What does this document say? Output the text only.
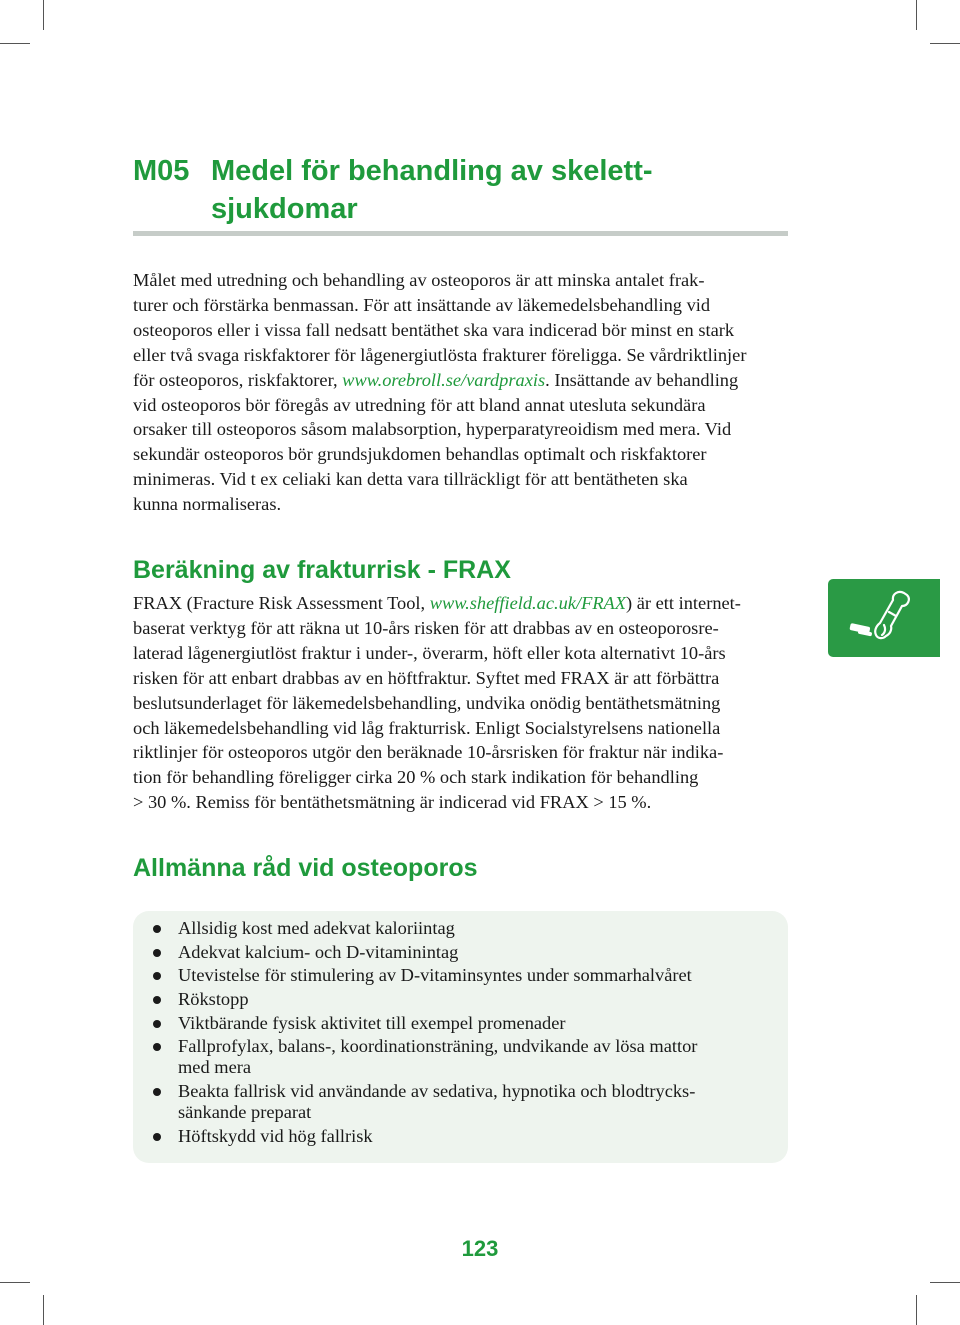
M05 Medel för behandling av skelett-
sjukdomar

Målet med utredning och behandling av osteoporos är att minska antalet frak-
turer och förstärka benmassan. För att insättande av läkemedelsbehandling vid
osteoporos eller i vissa fall nedsatt bentäthet ska vara indicerad bör minst en stark
eller två svaga riskfaktorer för lågenergiutlösta frakturer föreligga. Se vårdriktlinjer
för osteoporos, riskfaktorer, www.orebroll.se/vardpraxis. Insättande av behandling
vid osteoporos bör föregås av utredning för att bland annat utesluta sekundära
orsaker till osteoporos såsom malabsorption, hyperparatyreoidism med mera. Vid
sekundär osteoporos bör grundsjukdomen behandlas optimalt och riskfaktorer
minimeras. Vid t ex celiaki kan detta vara tillräckligt för att bentätheten ska
kunna normaliseras.

Beräkning av frakturrisk - FRAX

FRAX (Fracture Risk Assessment Tool, www.sheffield.ac.uk/FRAX) är ett internet-
baserat verktyg för att räkna ut 10-års risken för att drabbas av en osteoporosre-
laterad lågenergiutlöst fraktur i under-, överarm, höft eller kota alternativt 10-års
risken för att enbart drabbas av en höftfraktur. Syftet med FRAX är att förbättra
beslutsunderlaget för läkemedelsbehandling, undvika onödig bentäthetsmätning
och läkemedelsbehandling vid låg frakturrisk. Enligt Socialstyrelsens nationella
riktlinjer för osteoporos utgör den beräknade 10-årsrisken för fraktur när indika-
tion för behandling föreligger cirka 20 % och stark indikation för behandling
> 30 %. Remiss för bentäthetsmätning är indicerad vid FRAX > 15 %.

Allmänna råd vid osteoporos
Allsidig kost med adekvat kaloriintag
Adekvat kalcium- och D-vitaminintag
Utevistelse för stimulering av D-vitaminsyntes under sommarhalvåret
Rökstopp
Viktbärande fysisk aktivitet till exempel promenader
Fallprofylax, balans-, koordinationsträning, undvikande av lösa mattor
med mera
Beakta fallrisk vid användande av sedativa, hypnotika och blodtrycks-
sänkande preparat
Höftskydd vid hög fallrisk
123
